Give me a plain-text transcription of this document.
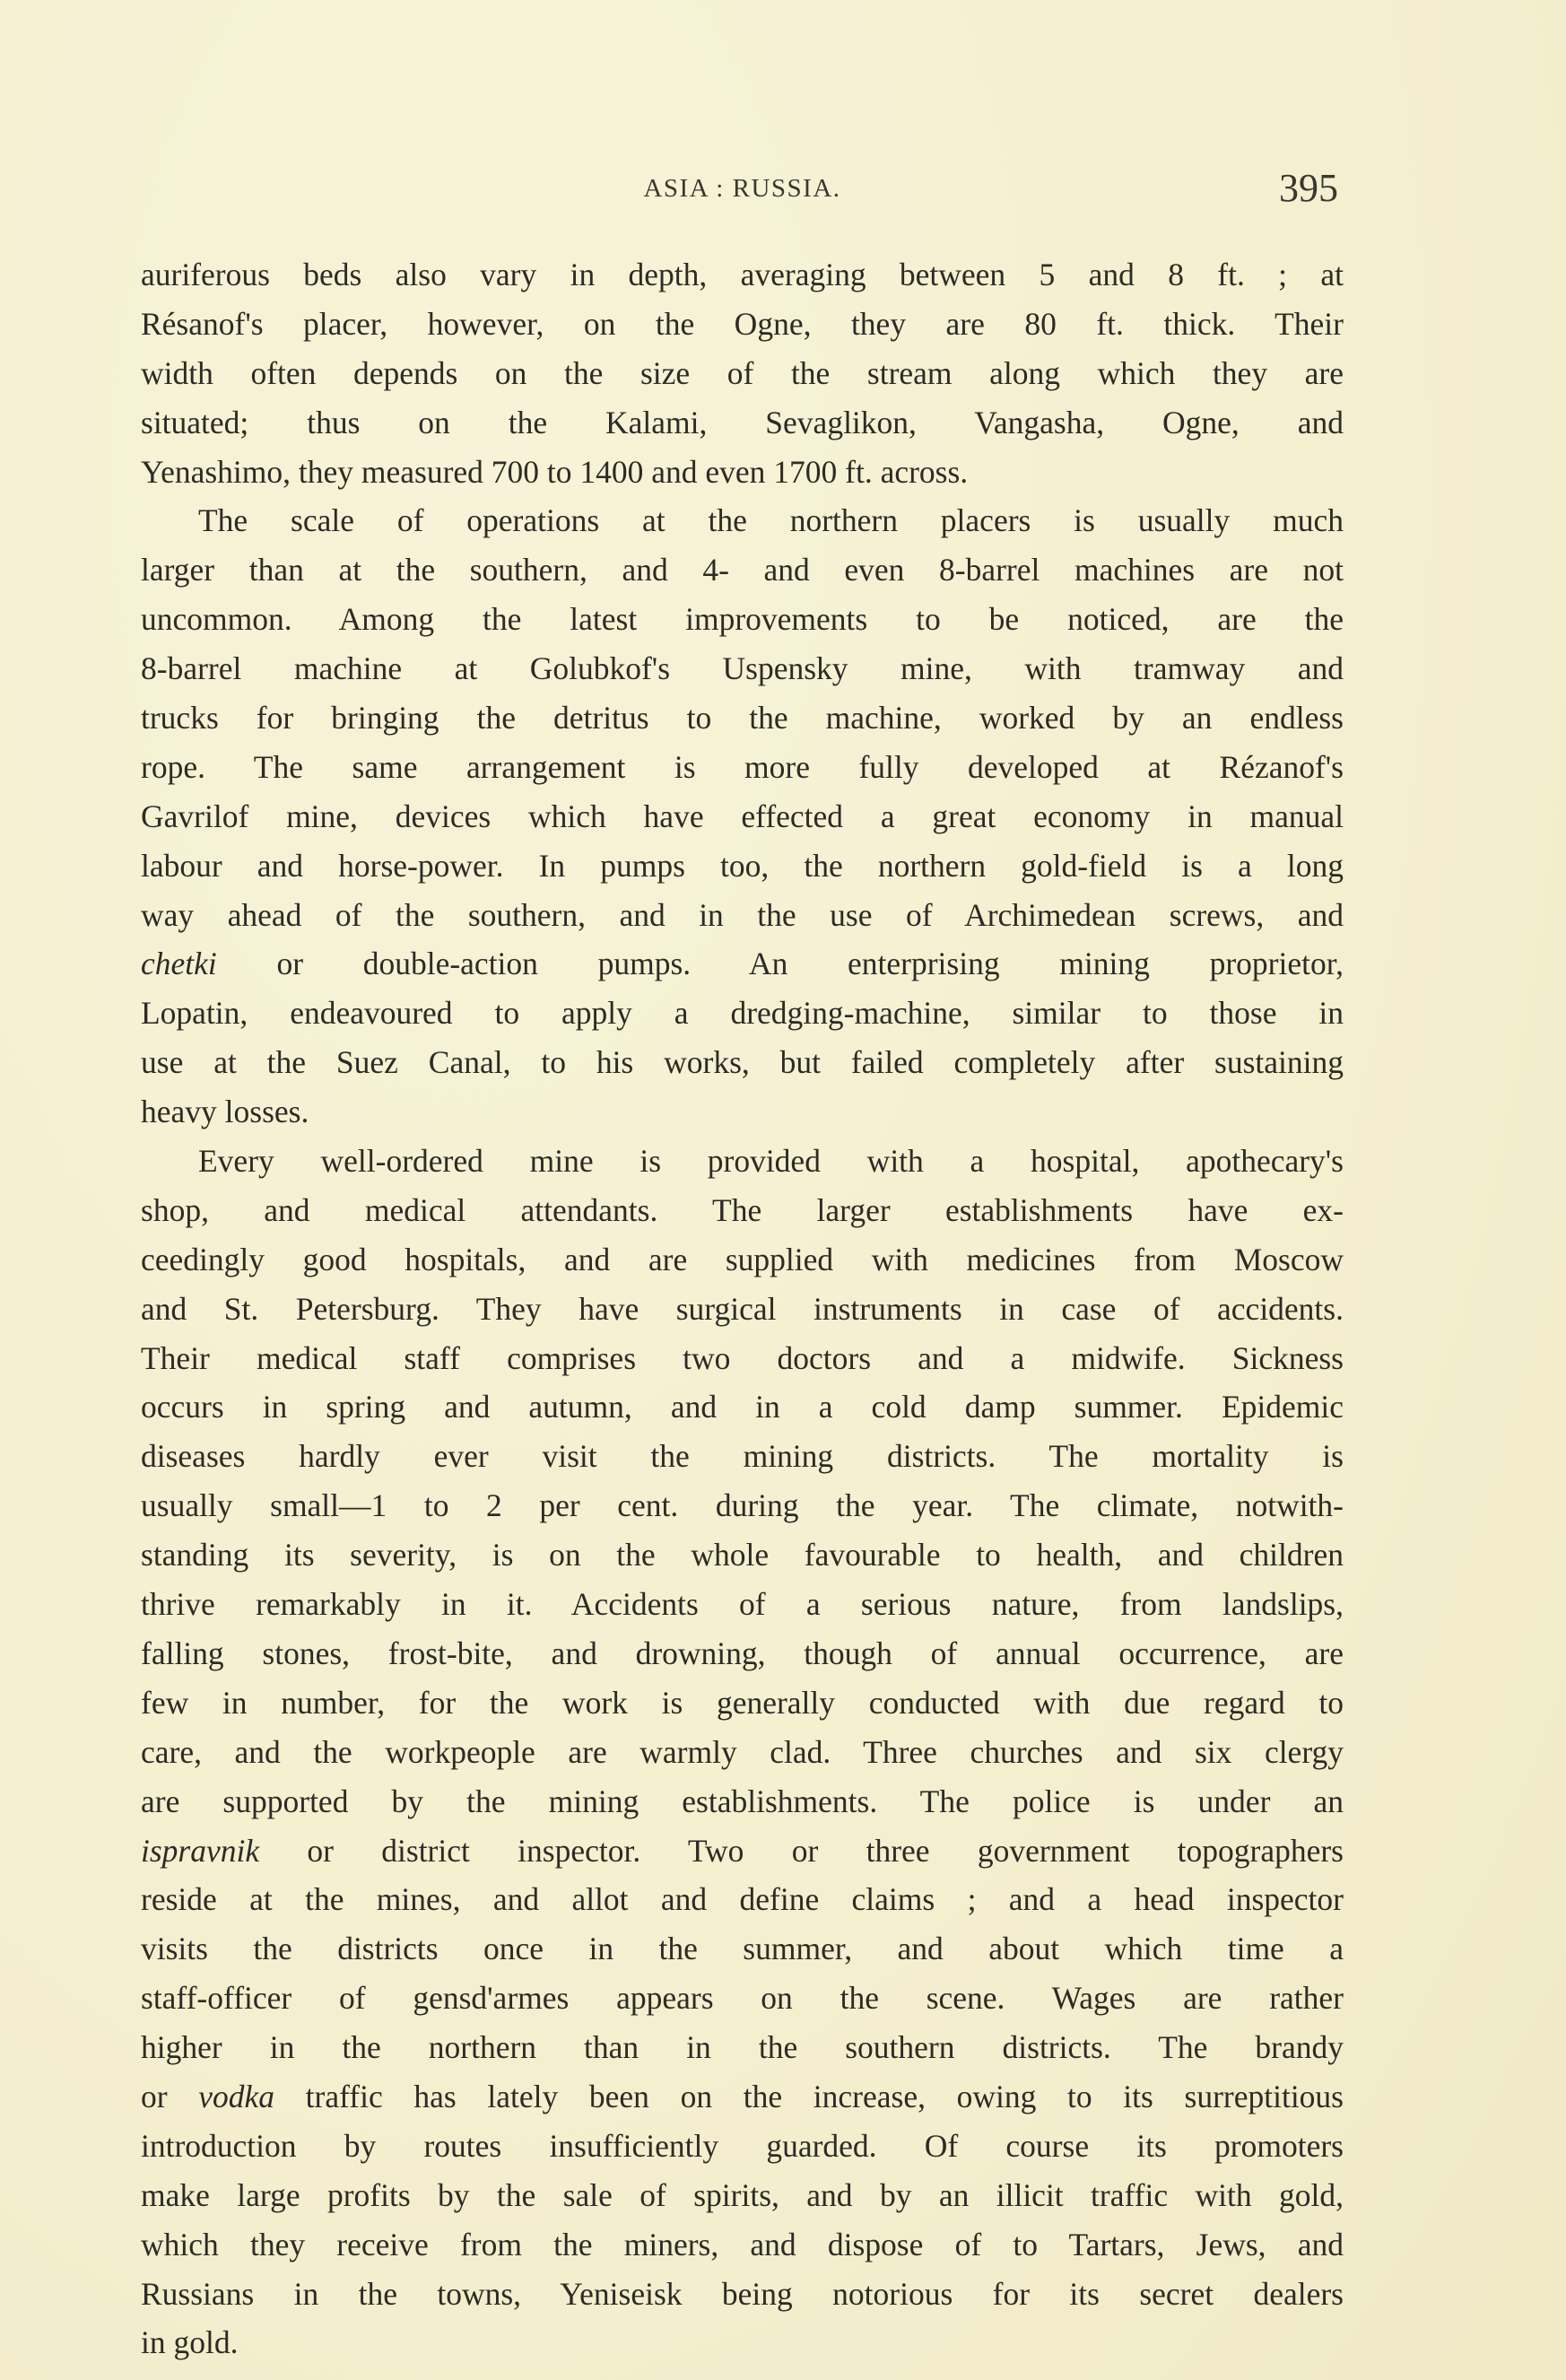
ASIA : RUSSIA.	395
auriferous beds also vary in depth, averaging between 5 and 8 ft. ; at
Résanof's placer, however, on the Ogne, they are 80 ft. thick. Their
width often depends on the size of the stream along which they are
situated; thus on the Kalami, Sevaglikon, Vangasha, Ogne, and
Yenashimo, they measured 700 to 1400 and even 1700 ft. across.
The scale of operations at the northern placers is usually much
larger than at the southern, and 4- and even 8-barrel machines are not
uncommon. Among the latest improvements to be noticed, are the
8-barrel machine at Golubkof's Uspensky mine, with tramway and
trucks for bringing the detritus to the machine, worked by an endless
rope. The same arrangement is more fully developed at Rézanof's
Gavrilof mine, devices which have effected a great economy in manual
labour and horse-power. In pumps too, the northern gold-field is a long
way ahead of the southern, and in the use of Archimedean screws, and
chetki or double-action pumps. An enterprising mining proprietor,
Lopatin, endeavoured to apply a dredging-machine, similar to those in
use at the Suez Canal, to his works, but failed completely after sustaining
heavy losses.
Every well-ordered mine is provided with a hospital, apothecary's
shop, and medical attendants. The larger establishments have ex-
ceedingly good hospitals, and are supplied with medicines from Moscow
and St. Petersburg. They have surgical instruments in case of accidents.
Their medical staff comprises two doctors and a midwife. Sickness
occurs in spring and autumn, and in a cold damp summer. Epidemic
diseases hardly ever visit the mining districts. The mortality is
usually small—1 to 2 per cent. during the year. The climate, notwith-
standing its severity, is on the whole favourable to health, and children
thrive remarkably in it. Accidents of a serious nature, from landslips,
falling stones, frost-bite, and drowning, though of annual occurrence, are
few in number, for the work is generally conducted with due regard to
care, and the workpeople are warmly clad. Three churches and six clergy
are supported by the mining establishments. The police is under an
ispravnik or district inspector. Two or three government topographers
reside at the mines, and allot and define claims ; and a head inspector
visits the districts once in the summer, and about which time a
staff-officer of gensd'armes appears on the scene. Wages are rather
higher in the northern than in the southern districts. The brandy
or vodka traffic has lately been on the increase, owing to its surreptitious
introduction by routes insufficiently guarded. Of course its promoters
make large profits by the sale of spirits, and by an illicit traffic with gold,
which they receive from the miners, and dispose of to Tartars, Jews, and
Russians in the towns, Yeniseisk being notorious for its secret dealers
in gold.
